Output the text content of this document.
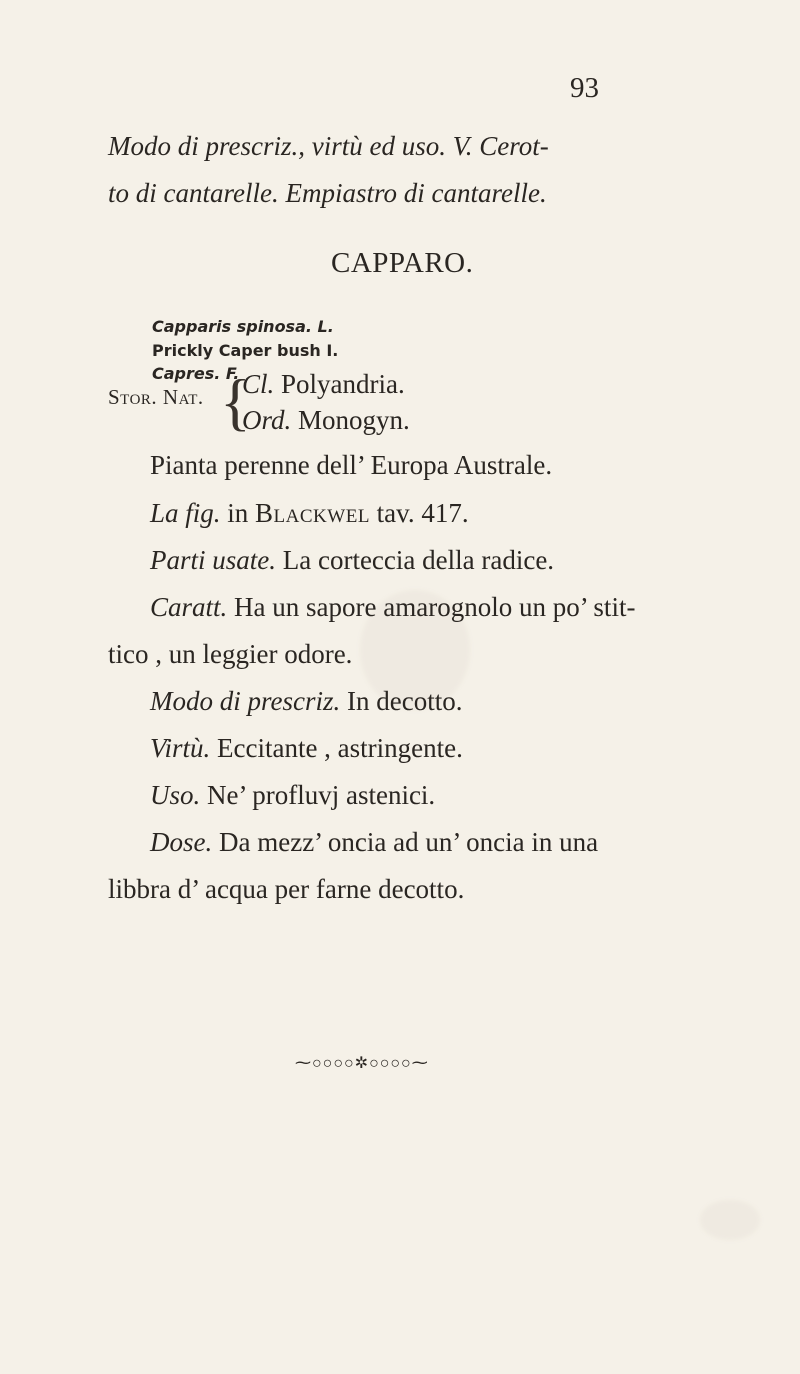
93
Modo di prescriz., virtù ed uso. V. Cerot-
to di cantarelle. Empiastro di cantarelle.
CAPPARO.
Capparis spinosa. L.
Prickly Caper bush I.
Capres. F.
Stor. Nat. {
Cl. Polyandria.
Ord. Monogyn.
Pianta perenne dell’ Europa Australe.
La fig. in Blackwel tav. 417.
Parti usate. La corteccia della radice.
Caratt. Ha un sapore amarognolo un po’ stit-
tico , un leggier odore.
Modo di prescriz. In decotto.
Virtù. Eccitante , astringente.
Uso. Ne’ profluvj astenici.
Dose. Da mezz’ oncia ad un’ oncia in una
libbra d’ acqua per farne decotto.
⁓○○○○✲○○○○⁓
